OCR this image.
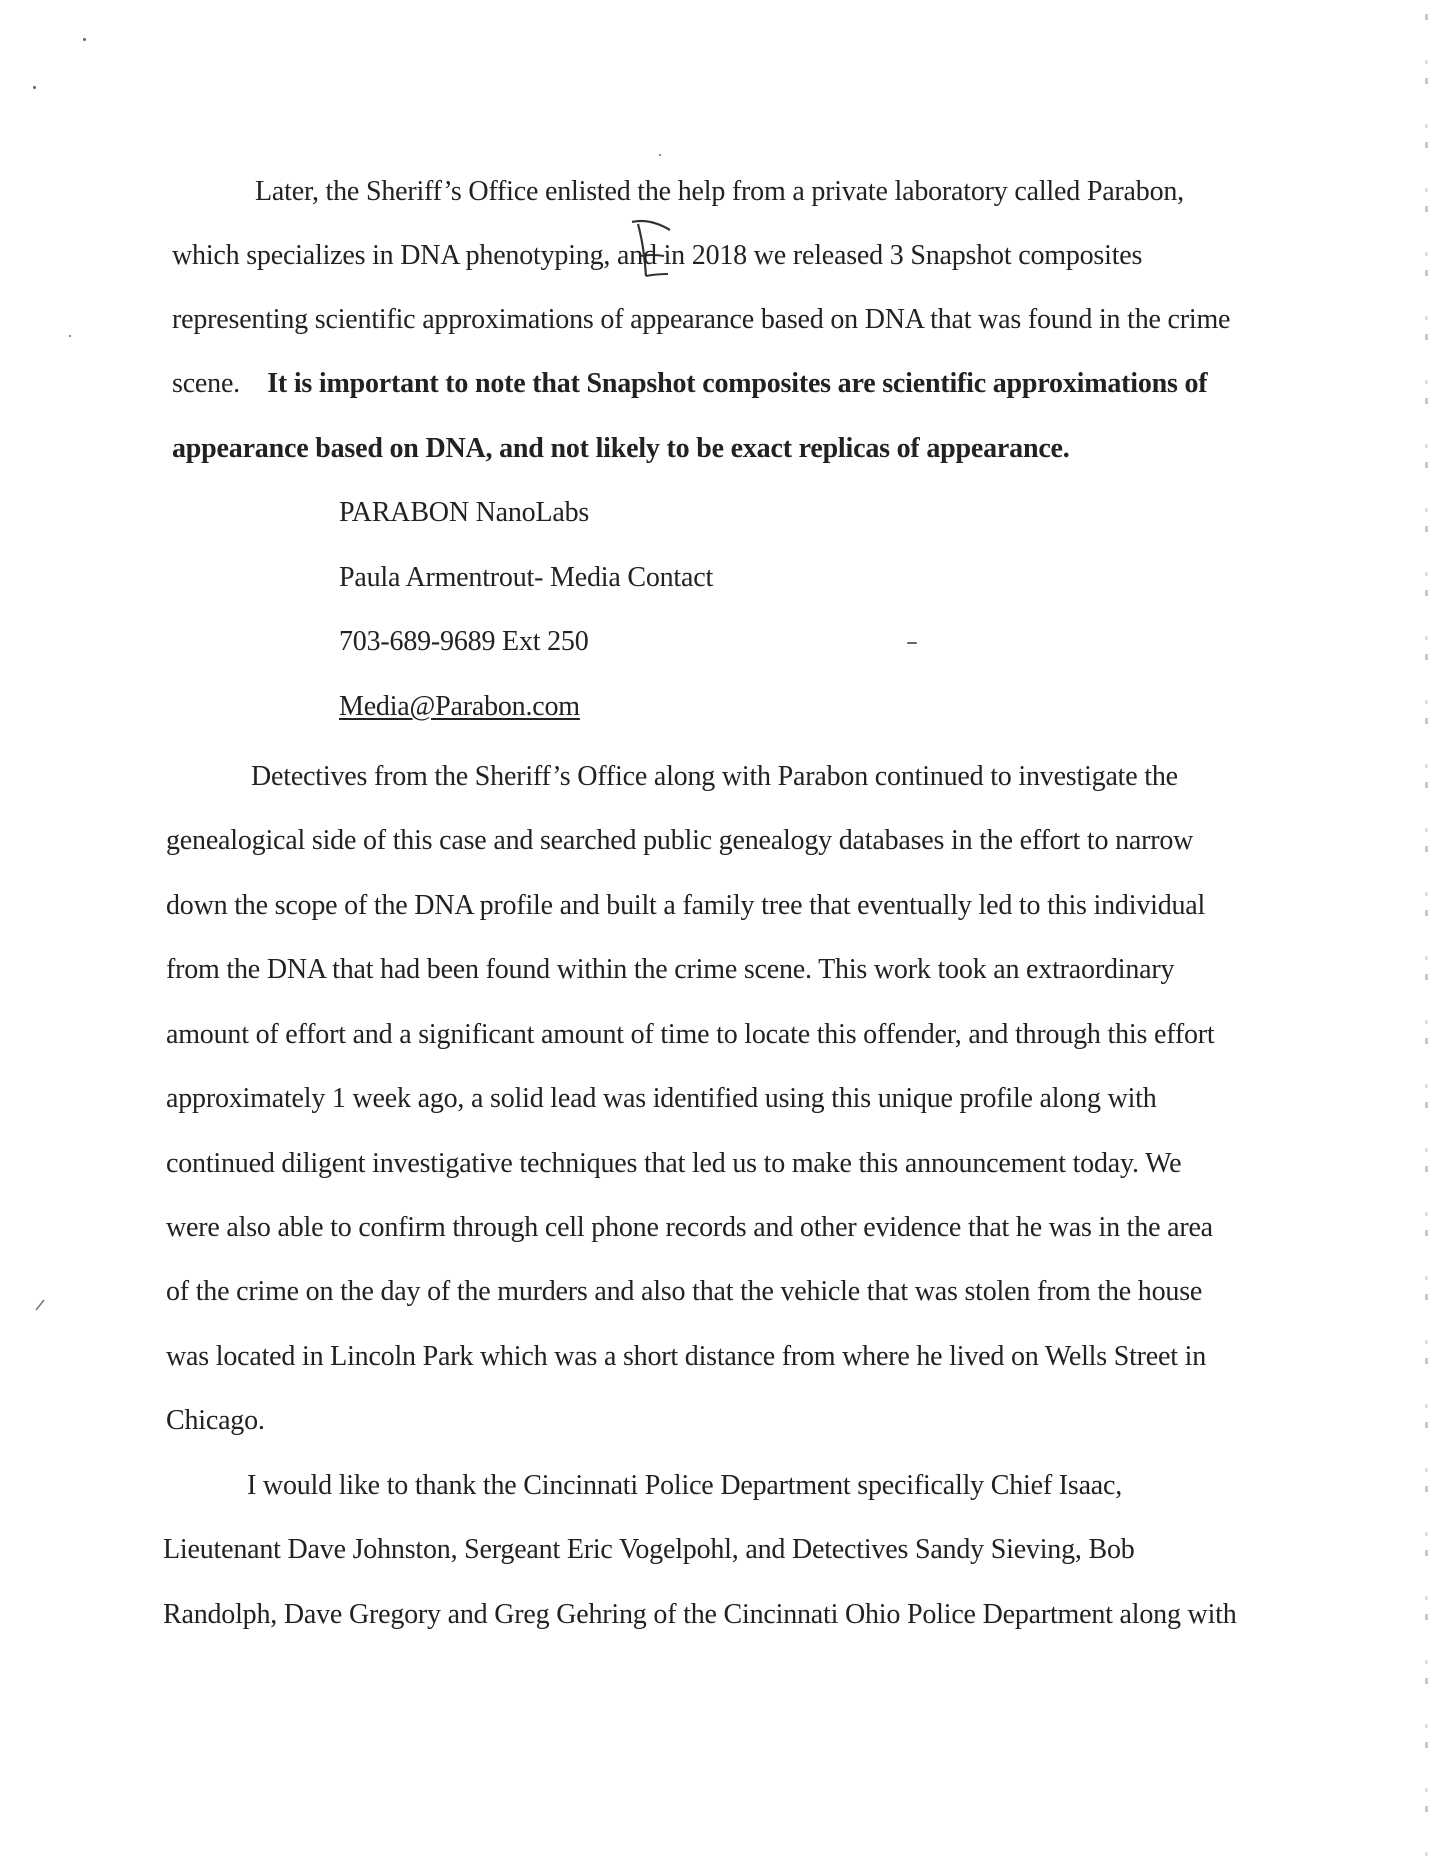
Later, the Sheriff’s Office enlisted the help from a private laboratory called Parabon,
which specializes in DNA phenotyping, and in 2018 we released 3 Snapshot composites
representing scientific approximations of appearance based on DNA that was found in the crime
scene. It is important to note that Snapshot composites are scientific approximations of
appearance based on DNA, and not likely to be exact replicas of appearance.
PARABON NanoLabs
Paula Armentrout- Media Contact
703-689-9689 Ext 250
Media@Parabon.com
Detectives from the Sheriff’s Office along with Parabon continued to investigate the
genealogical side of this case and searched public genealogy databases in the effort to narrow
down the scope of the DNA profile and built a family tree that eventually led to this individual
from the DNA that had been found within the crime scene. This work took an extraordinary
amount of effort and a significant amount of time to locate this offender, and through this effort
approximately 1 week ago, a solid lead was identified using this unique profile along with
continued diligent investigative techniques that led us to make this announcement today. We
were also able to confirm through cell phone records and other evidence that he was in the area
of the crime on the day of the murders and also that the vehicle that was stolen from the house
was located in Lincoln Park which was a short distance from where he lived on Wells Street in
Chicago.
I would like to thank the Cincinnati Police Department specifically Chief Isaac,
Lieutenant Dave Johnston, Sergeant Eric Vogelpohl, and Detectives Sandy Sieving, Bob
Randolph, Dave Gregory and Greg Gehring of the Cincinnati Ohio Police Department along with
